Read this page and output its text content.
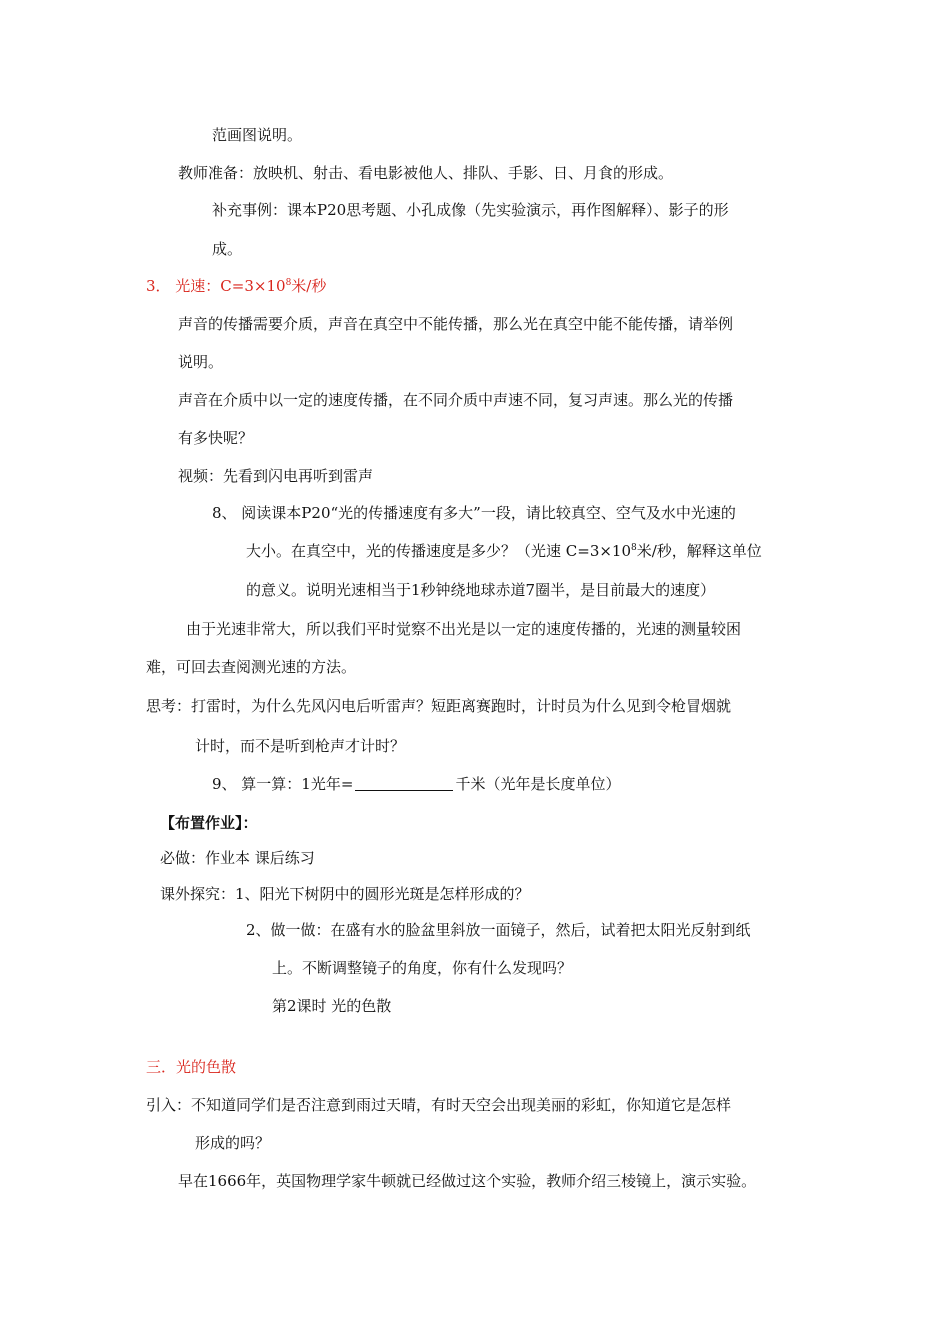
范画图说明。
教师准备：放映机、射击、看电影被他人、排队、手影、日、月食的形成。
补充事例：课本P20思考题、小孔成像（先实验演示，再作图解释）、影子的形
成。
3． 光速：$C=3\times 10^8$米/秒
声音的传播需要介质，声音在真空中不能传播，那么光在真空中能不能传播，请举例
说明。
声音在介质中以一定的速度传播，在不同介质中声速不同，复习声速。那么光的传播
有多快呢？
视频：先看到闪电再听到雷声
8、 阅读课本P20“光的传播速度有多大”一段，请比较真空、空气及水中光速的
大小。在真空中，光的传播速度是多少？（光速 $C=3\times 10^8$米/秒，解释这单位
的意义。说明光速相当于1秒钟绕地球赤道7圈半，是目前最大的速度）
由于光速非常大，所以我们平时觉察不出光是以一定的速度传播的，光速的测量较困
难，可回去查阅测光速的方法。
思考：打雷时，为什么先风闪电后听雷声？短距离赛跑时，计时员为什么见到令枪冒烟就
计时，而不是听到枪声才计时？
9、 算一算：1光年=	千米（光年是长度单位）
【布置作业】：
必做：作业本 课后练习
课外探究：1、阳光下树阴中的圆形光斑是怎样形成的？
2、做一做：在盛有水的脸盆里斜放一面镜子，然后，试着把太阳光反射到纸
上。不断调整镜子的角度，你有什么发现吗？
第2课时 光的色散
三．光的色散
引入：不知道同学们是否注意到雨过天晴，有时天空会出现美丽的彩虹，你知道它是怎样
形成的吗？
早在1666年，英国物理学家牛顿就已经做过这个实验，教师介绍三棱镜上，演示实验。
